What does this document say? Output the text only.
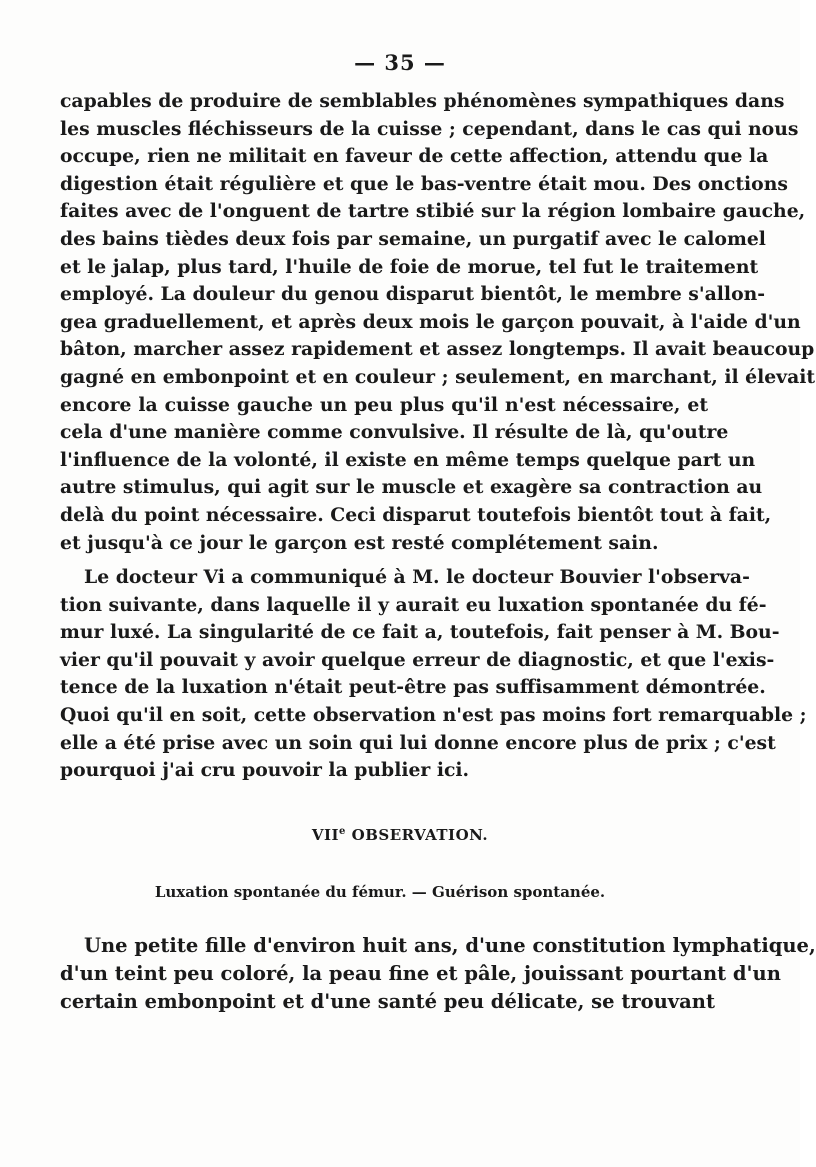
— 35 —
capables de produire de semblables phénomènes sympathiques dans
les muscles fléchisseurs de la cuisse ; cependant, dans le cas qui nous
occupe, rien ne militait en faveur de cette affection, attendu que la
digestion était régulière et que le bas-ventre était mou. Des onctions
faites avec de l'onguent de tartre stibié sur la région lombaire gauche,
des bains tièdes deux fois par semaine, un purgatif avec le calomel
et le jalap, plus tard, l'huile de foie de morue, tel fut le traitement
employé. La douleur du genou disparut bientôt, le membre s'allon-
gea graduellement, et après deux mois le garçon pouvait, à l'aide d'un
bâton, marcher assez rapidement et assez longtemps. Il avait beaucoup
gagné en embonpoint et en couleur ; seulement, en marchant, il élevait
encore la cuisse gauche un peu plus qu'il n'est nécessaire, et
cela d'une manière comme convulsive. Il résulte de là, qu'outre
l'influence de la volonté, il existe en même temps quelque part un
autre stimulus, qui agit sur le muscle et exagère sa contraction au
delà du point nécessaire. Ceci disparut toutefois bientôt tout à fait,
et jusqu'à ce jour le garçon est resté complétement sain.
Le docteur Vi a communiqué à M. le docteur Bouvier l'observa-
tion suivante, dans laquelle il y aurait eu luxation spontanée du fé-
mur luxé. La singularité de ce fait a, toutefois, fait penser à M. Bou-
vier qu'il pouvait y avoir quelque erreur de diagnostic, et que l'exis-
tence de la luxation n'était peut-être pas suffisamment démontrée.
Quoi qu'il en soit, cette observation n'est pas moins fort remarquable ;
elle a été prise avec un soin qui lui donne encore plus de prix ; c'est
pourquoi j'ai cru pouvoir la publier ici.
VIIe OBSERVATION.
Luxation spontanée du fémur. — Guérison spontanée.
Une petite fille d'environ huit ans, d'une constitution lymphatique,
d'un teint peu coloré, la peau fine et pâle, jouissant pourtant d'un
certain embonpoint et d'une santé peu délicate, se trouvant
